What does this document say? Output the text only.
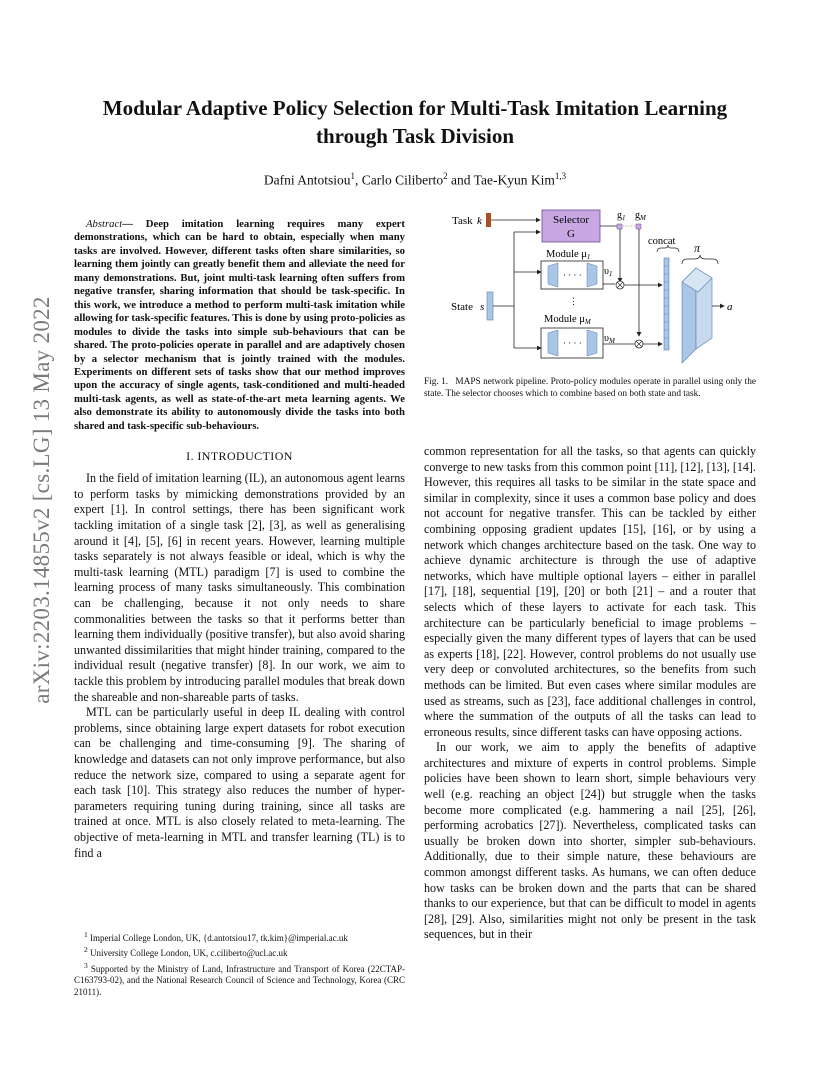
arXiv:2203.14855v2 [cs.LG] 13 May 2022
Modular Adaptive Policy Selection for Multi-Task Imitation Learning
through Task Division
Dafni Antotsiou$^1$, Carlo Ciliberto$^2$ and Tae-Kyun Kim$^{1,3}$

Abstract— Deep imitation learning requires many expert demonstrations, which can be hard to obtain, especially when many tasks are involved. However, different tasks often share similarities, so learning them jointly can greatly benefit them and alleviate the need for many demonstrations. But, joint multi-task learning often suffers from negative transfer, sharing information that should be task-specific. In this work, we introduce a method to perform multi-task imitation while allowing for task-specific features. This is done by using proto-policies as modules to divide the tasks into simple sub-behaviours that can be shared. The proto-policies operate in parallel and are adaptively chosen by a selector mechanism that is jointly trained with the modules. Experiments on different sets of tasks show that our method improves upon the accuracy of single agents, task-conditioned and multi-headed multi-task agents, as well as state-of-the-art meta learning agents. We also demonstrate its ability to autonomously divide the tasks into both shared and task-specific sub-behaviours.

I. INTRODUCTION

In the field of imitation learning (IL), an autonomous agent learns to perform tasks by mimicking demonstrations provided by an expert [1]. In control settings, there has been significant work tackling imitation of a single task [2], [3], as well as generalising around it [4], [5], [6] in recent years. However, learning multiple tasks separately is not always feasible or ideal, which is why the multi-task learning (MTL) paradigm [7] is used to combine the learning process of many tasks simultaneously. This combination can be challenging, because it not only needs to share commonalities between the tasks so that it performs better than learning them individually (positive transfer), but also avoid sharing unwanted dissimilarities that might hinder training, compared to the individual result (negative transfer) [8]. In our work, we aim to tackle this problem by introducing parallel modules that break down the shareable and non-shareable parts of tasks.

MTL can be particularly useful in deep IL dealing with control problems, since obtaining large expert datasets for robot execution can be challenging and time-consuming [9]. The sharing of knowledge and datasets can not only improve performance, but also reduce the network size, compared to using a separate agent for each task [10]. This strategy also reduces the number of hyper-parameters requiring tuning during training, since all tasks are trained at once. MTL is also closely related to meta-learning. The objective of meta-learning in MTL and transfer learning (TL) is to find a

$^1$ Imperial College London, UK, {d.antotsiou17, tk.kim}@imperial.ac.uk

$^2$ University College London, UK, c.ciliberto@ucl.ac.uk

$^3$ Supported by the Ministry of Land, Infrastructure and Transport of Korea (22CTAP-C163793-02), and the National Research Council of Science and Technology, Korea (CRC 21011).

Task k
State s
Selector
G
$g_1$ $g_M$
Module μ1
· · · · $\upsilon_1$
⋮
Module μM
· · · · $\upsilon_M$
concat π
a
Fig. 1. MAPS network pipeline. Proto-policy modules operate in parallel using only the state. The selector chooses which to combine based on both state and task.

common representation for all the tasks, so that agents can quickly converge to new tasks from this common point [11], [12], [13], [14]. However, this requires all tasks to be similar in the state space and similar in complexity, since it uses a common base policy and does not account for negative transfer. This can be tackled by either combining opposing gradient updates [15], [16], or by using a network which changes architecture based on the task. One way to achieve dynamic architecture is through the use of adaptive networks, which have multiple optional layers – either in parallel [17], [18], sequential [19], [20] or both [21] – and a router that selects which of these layers to activate for each task. This architecture can be particularly beneficial to image problems – especially given the many different types of layers that can be used as experts [18], [22]. However, control problems do not usually use very deep or convoluted architectures, so the benefits from such methods can be limited. But even cases where similar modules are used as streams, such as [23], face additional challenges in control, where the summation of the outputs of all the tasks can lead to erroneous results, since different tasks can have opposing actions.

In our work, we aim to apply the benefits of adaptive architectures and mixture of experts in control problems. Simple policies have been shown to learn short, simple behaviours very well (e.g. reaching an object [24]) but struggle when the tasks become more complicated (e.g. hammering a nail [25], [26], performing acrobatics [27]). Nevertheless, complicated tasks can usually be broken down into shorter, simpler sub-behaviours. Additionally, due to their simple nature, these behaviours are common amongst different tasks. As humans, we can often deduce how tasks can be broken down and the parts that can be shared thanks to our experience, but that can be difficult to model in agents [28], [29]. Also, similarities might not only be present in the task sequences, but in their
